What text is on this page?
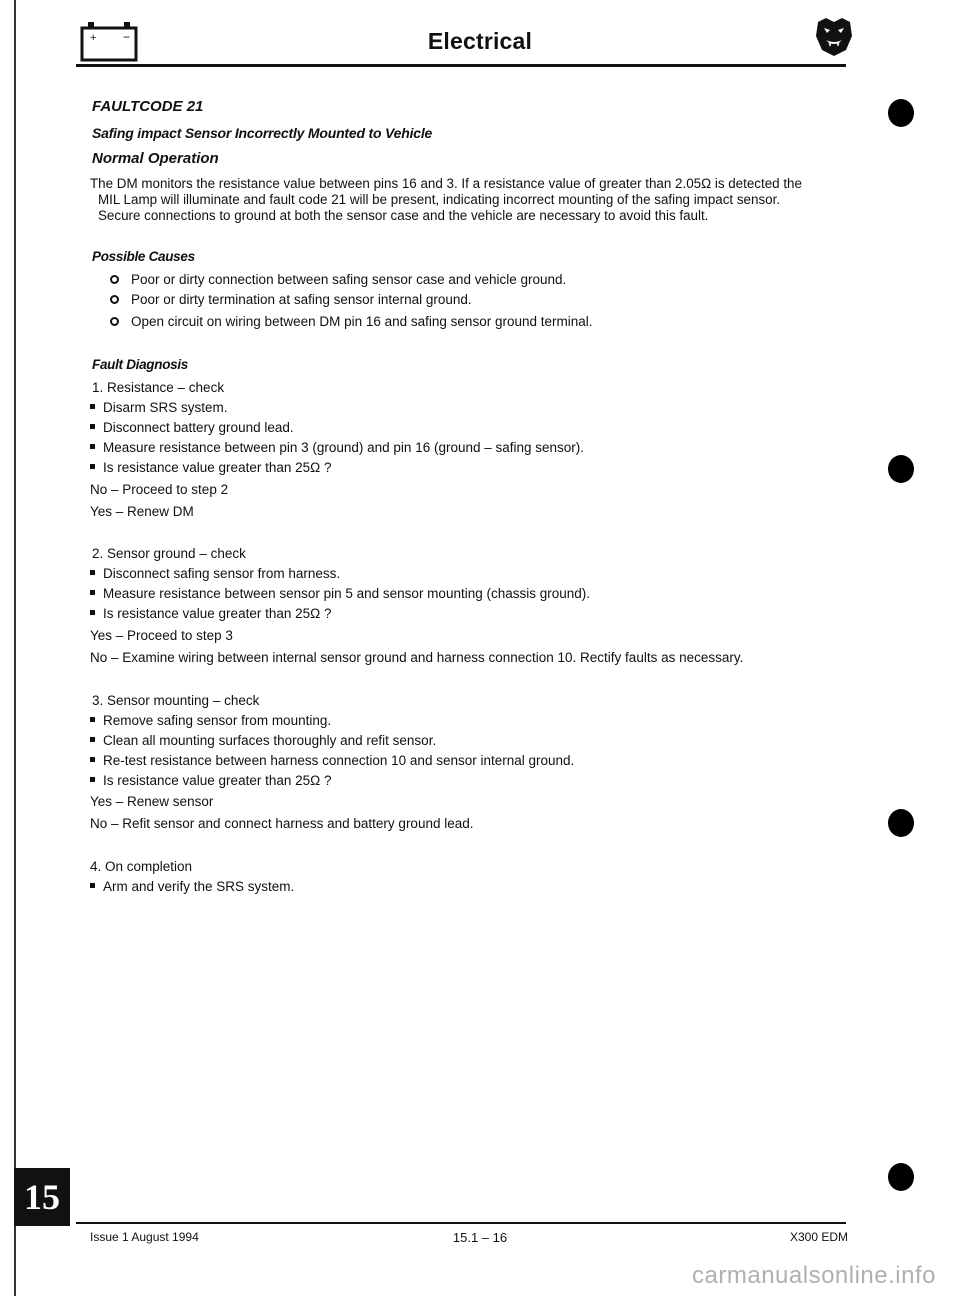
+ −	Electrical
FAULTCODE 21
Safing impact Sensor Incorrectly Mounted to Vehicle
Normal Operation
The DM monitors the resistance value between pins 16 and 3. If a resistance value of greater than 2.05Ω is detected the
MIL Lamp will illuminate and fault code 21 will be present, indicating incorrect mounting of the safing impact sensor.
Secure connections to ground at both the sensor case and the vehicle are necessary to avoid this fault.
Possible Causes
Poor or dirty connection between safing sensor case and vehicle ground.
Poor or dirty termination at safing sensor internal ground.
Open circuit on wiring between DM pin 16 and safing sensor ground terminal.
Fault Diagnosis
1. Resistance – check
Disarm SRS system.
Disconnect battery ground lead.
Measure resistance between pin 3 (ground) and pin 16 (ground – safing sensor).
Is resistance value greater than 25Ω ?
No – Proceed to step 2
Yes – Renew DM
2. Sensor ground – check
Disconnect safing sensor from harness.
Measure resistance between sensor pin 5 and sensor mounting (chassis ground).
Is resistance value greater than 25Ω ?
Yes – Proceed to step 3
No – Examine wiring between internal sensor ground and harness connection 10. Rectify faults as necessary.
3. Sensor mounting – check
Remove safing sensor from mounting.
Clean all mounting surfaces thoroughly and refit sensor.
Re-test resistance between harness connection 10 and sensor internal ground.
Is resistance value greater than 25Ω ?
Yes – Renew sensor
No – Refit sensor and connect harness and battery ground lead.
4. On completion
Arm and verify the SRS system.
15
Issue 1 August 1994	15.1 – 16	X300 EDM
carmanualsonline.info
